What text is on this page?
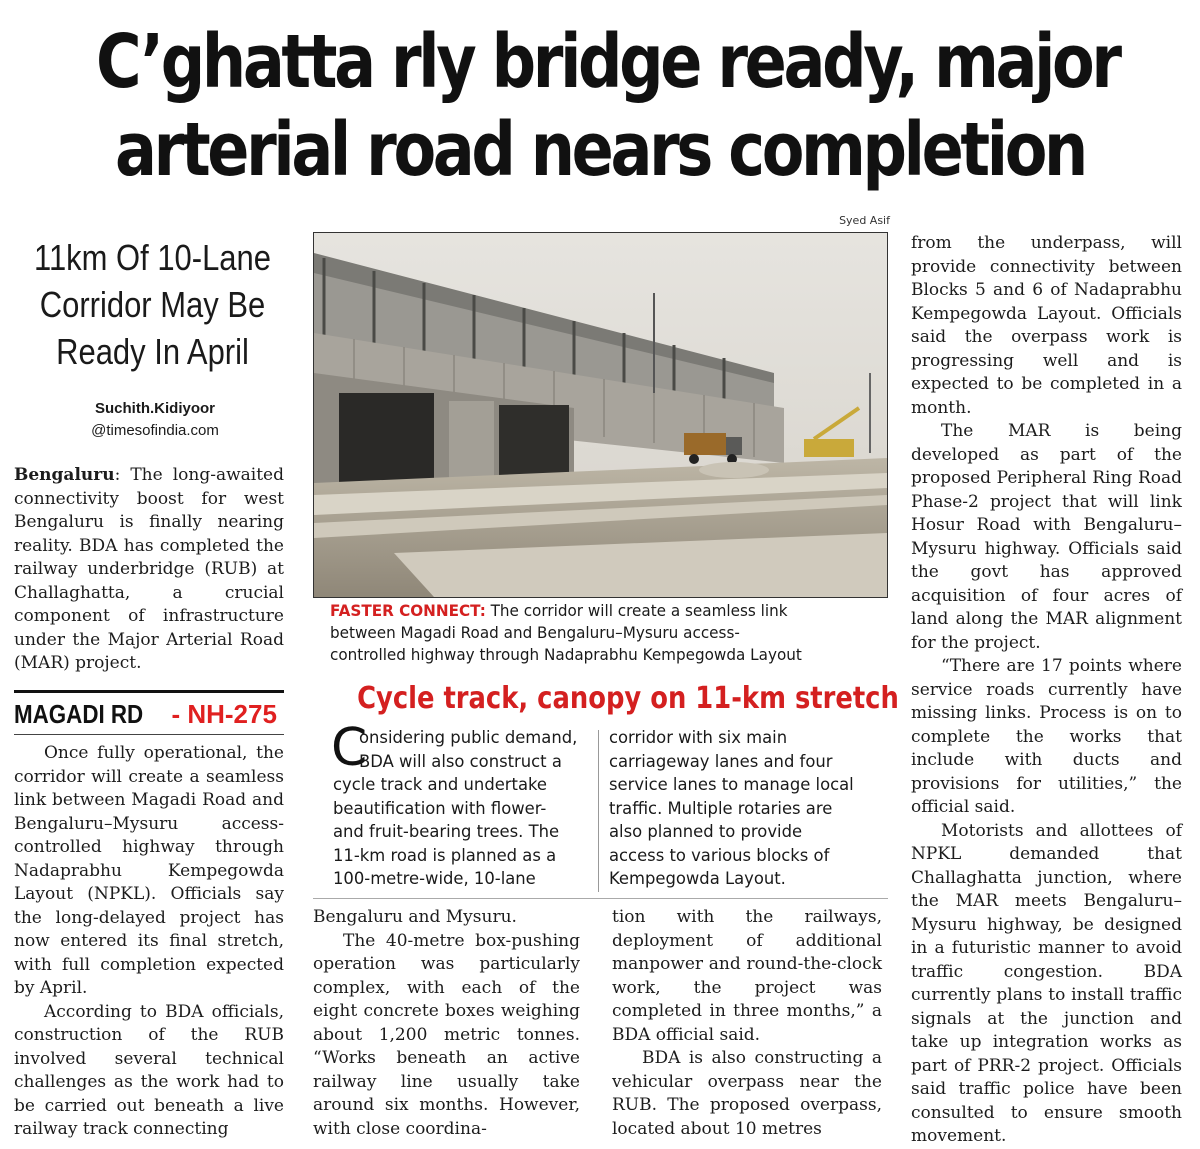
C’ghatta rly bridge ready, major
arterial road nears completion
11km Of 10-Lane
Corridor May Be
Ready In April
Suchith.Kidiyoor
@timesofindia.com

Bengaluru: The long-awaited connectivity boost for west Bengaluru is finally nearing reality. BDA has completed the railway underbridge (RUB) at Challaghatta, a crucial component of infrastructure under the Major Arterial Road (MAR) project.

MAGADI RD - NH-275

Once fully operational, the corridor will create a seamless link between Magadi Road and Bengaluru–Mysuru access-controlled highway through Nadaprabhu Kempegowda Layout (NPKL). Officials say the long-delayed project has now entered its final stretch, with full completion expected by April.

According to BDA officials, construction of the RUB involved several technical challenges as the work had to be carried out beneath a live railway track connecting

Syed Asif
FASTER CONNECT: The corridor will create a seamless link
between Magadi Road and Bengaluru–Mysuru access-
controlled highway through Nadaprabhu Kempegowda Layout
Cycle track, canopy on 11-km stretch
C
onsidering public demand,
BDA will also construct a
cycle track and undertake
beautification with flower-
and fruit-bearing trees. The
11-km road is planned as a
100-metre-wide, 10-lane
corridor with six main
carriageway lanes and four
service lanes to manage local
traffic. Multiple rotaries are
also planned to provide
access to various blocks of
Kempegowda Layout.

Bengaluru and Mysuru.

The 40-metre box-pushing operation was particularly complex, with each of the eight concrete boxes weighing about 1,200 metric tonnes. “Works beneath an active railway line usually take around six months. However, with close coordina-

tion with the railways, deployment of additional manpower and round-the-clock work, the project was completed in three months,” a BDA official said.

BDA is also constructing a vehicular overpass near the RUB. The proposed overpass, located about 10 metres

from the underpass, will provide connectivity between Blocks 5 and 6 of Nadaprabhu Kempegowda Layout. Officials said the overpass work is progressing well and is expected to be completed in a month.

The MAR is being developed as part of the proposed Peripheral Ring Road Phase-2 project that will link Hosur Road with Bengaluru–Mysuru highway. Officials said the govt has approved acquisition of four acres of land along the MAR alignment for the project.

“There are 17 points where service roads currently have missing links. Process is on to complete the works that include with ducts and provisions for utilities,” the official said.

Motorists and allottees of NPKL demanded that Challaghatta junction, where the MAR meets Bengaluru–Mysuru highway, be designed in a futuristic manner to avoid traffic congestion. BDA currently plans to install traffic signals at the junction and take up integration works as part of PRR-2 project. Officials said traffic police have been consulted to ensure smooth movement.
